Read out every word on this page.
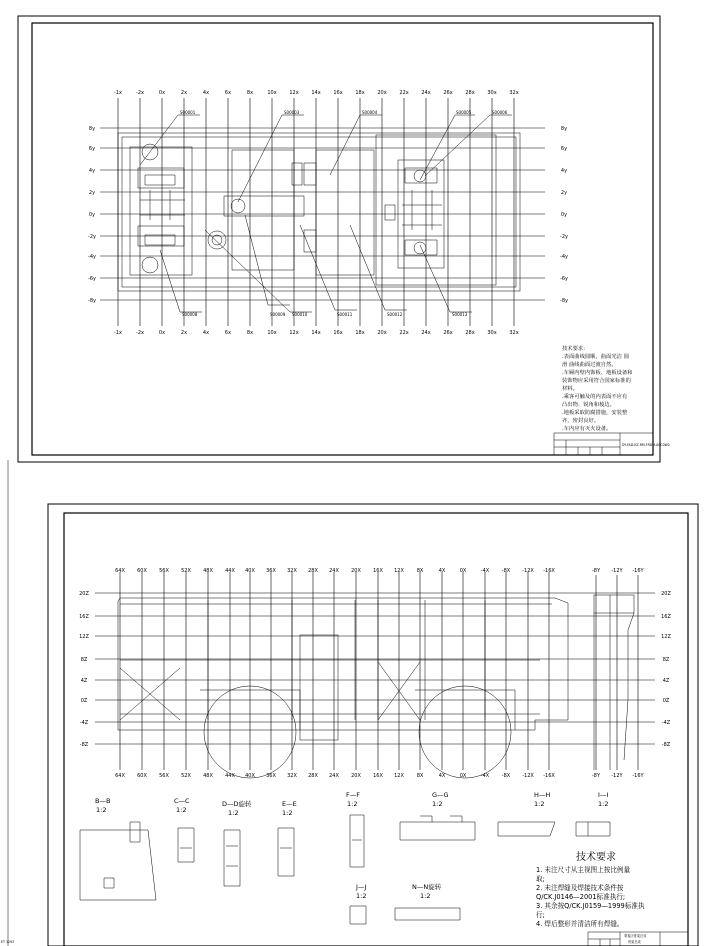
-1x
-1x
-2x
-2x
0x
0x
2x
2x
4x
4x
6x
6x
8x
8x
10x
10x
12x
12x
14x
14x
16x
16x
18x
18x
20x
20x
22x
22x
24x
24x
26x
26x
28x
28x
30x
30x
32x
32x
8y	8y
6y	6y
4y	4y
2y	2y
0y	0y
-2y	-2y
-4y	-4y
-6y	-6y
-8y	-8y
S00001	S00003	S00004	S00005	S00006
S00008	S00009 S00010	S00011	S00012	S00013
技术要求:
.表面曲线圆顺，曲面光洁 圆
滑 曲线曲面过渡自然。
.车厢内壁内饰板、地板设备和
装饰物应采用符合国家标准的
材料。
.乘客可触及的内表面不应有
凸出物、锐角和棱边。
.地板采取防腐措施，安装整
齐，密封良好。
.车内应有灭火设备。
DY-FAD-KZ-RM-FRDM-ASC0W2
64X 60X 56X 52X 48X 44X 40X 36X 32X 28X 24X 20X 16X 12X	8X	4X	0X	-4X	-8X -12X -16X
64X 60X 56X 52X 48X 44X 40X 36X 32X 28X 24X 20X 16X 12X	8X	4X	0X	-4X	-8X -12X -16X
20Z	20Z
16Z	16Z
12Z	12Z
8Z	8Z
4Z	4Z
0Z	0Z
-4Z	-4Z
-8Z	-8Z
B—B
1:2
C—C
1:2
D—D旋转
1:2
E—E
1:2
F—F
1:2
G—G
1:2
H—H
1:2
I—I
1:2
J—J
1:2
N—N旋转
1:2
技术要求
1. 未注尺寸从主视图上按比例量
取;
2. 未注焊缝及焊接技术条件按
Q/CK.J0146—2001标准执行;
3. 其余按Q/CK.J0159—1999标准执
行;
4. 焊后整形并清洁所有焊缝。
乘客区骨架总成
骨架总成
-8Y -12Y -16Y
-8Y -12Y -16Y
ET 1293
